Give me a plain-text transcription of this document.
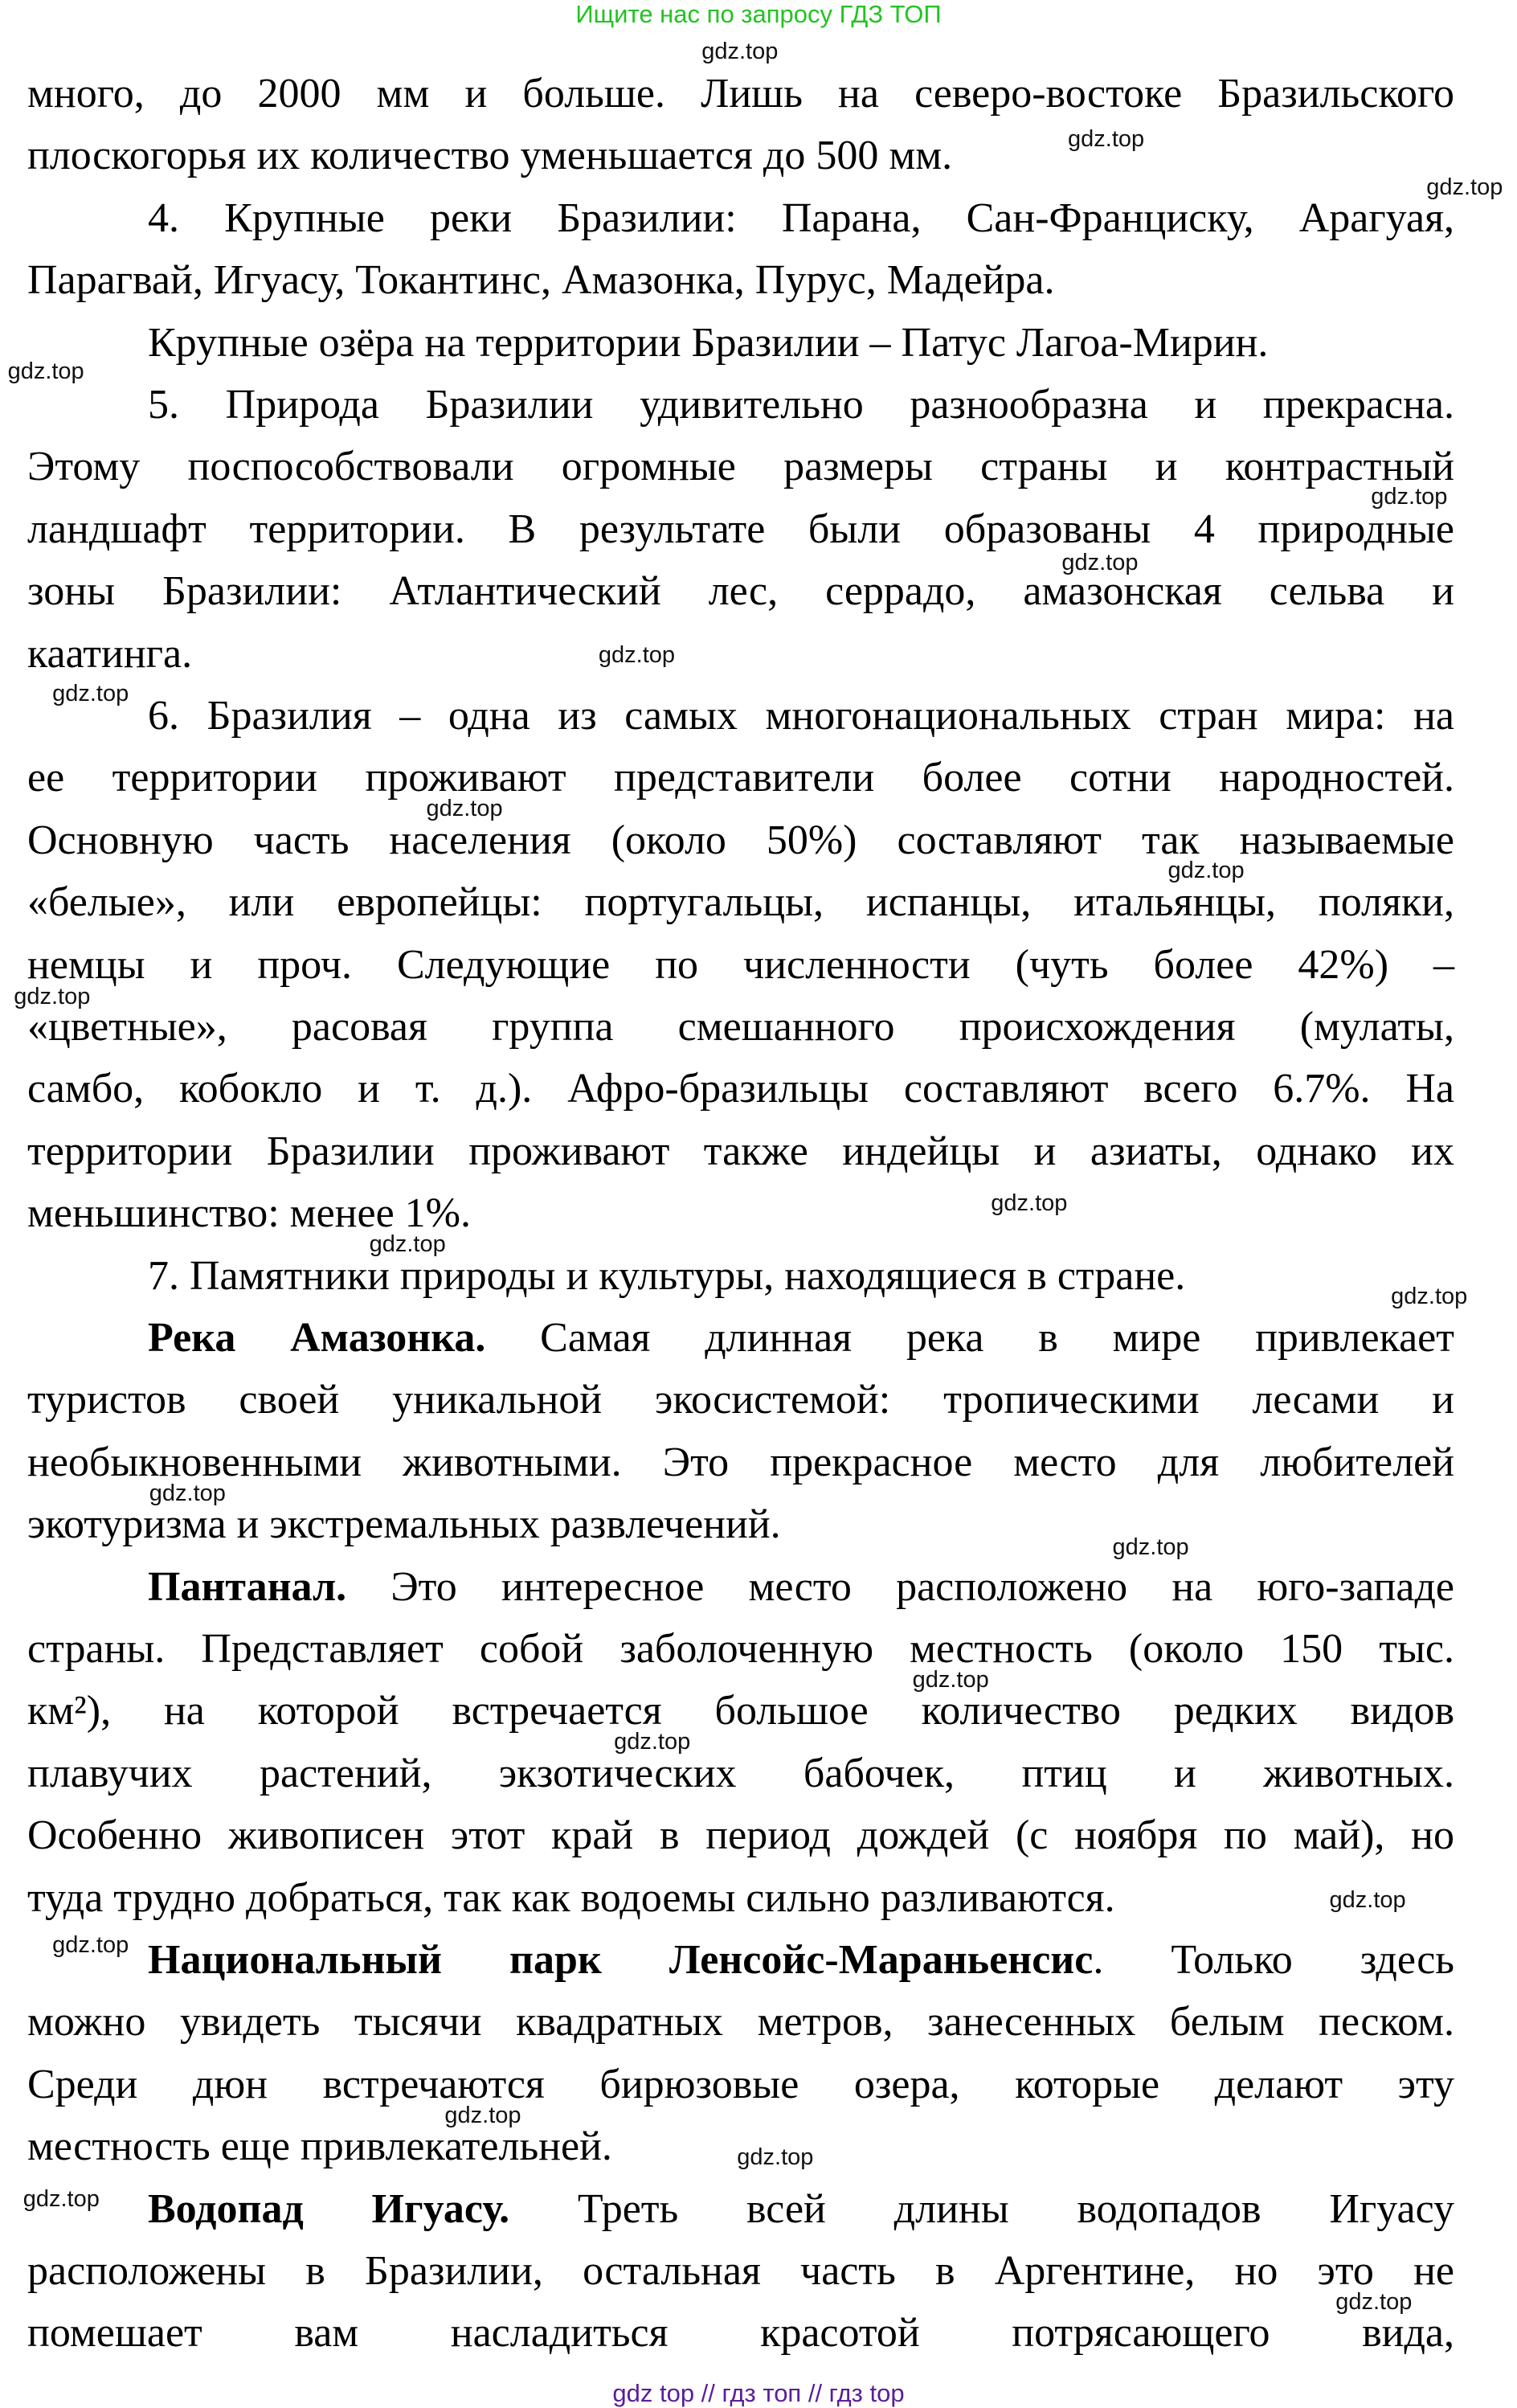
Ищите нас по запросу ГДЗ ТОП
много, до 2000 мм и больше. Лишь на северо-востоке Бразильского
плоскогорья их количество уменьшается до 500 мм.
4. Крупные реки Бразилии: Парана, Сан-Франциску, Арагуая,
Парагвай, Игуасу, Токантинс, Амазонка, Пурус, Мадейра.
Крупные озёра на территории Бразилии – Патус Лагоа-Мирин.
5. Природа Бразилии удивительно разнообразна и прекрасна.
Этому поспособствовали огромные размеры страны и контрастный
ландшафт территории. В результате были образованы 4 природные
зоны Бразилии: Атлантический лес, серрадо, амазонская сельва и
каатинга.
6. Бразилия – одна из самых многонациональных стран мира: на
ее территории проживают представители более сотни народностей.
Основную часть населения (около 50%) составляют так называемые
«белые», или европейцы: португальцы, испанцы, итальянцы, поляки,
немцы и проч. Следующие по численности (чуть более 42%) –
«цветные», расовая группа смешанного происхождения (мулаты,
самбо, кобокло и т. д.). Афро-бразильцы составляют всего 6.7%. На
территории Бразилии проживают также индейцы и азиаты, однако их
меньшинство: менее 1%.
7. Памятники природы и культуры, находящиеся в стране.
Река Амазонка. Самая длинная река в мире привлекает
туристов своей уникальной экосистемой: тропическими лесами и
необыкновенными животными. Это прекрасное место для любителей
экотуризма и экстремальных развлечений.
Пантанал. Это интересное место расположено на юго-западе
страны. Представляет собой заболоченную местность (около 150 тыс.
км²), на которой встречается большое количество редких видов
плавучих растений, экзотических бабочек, птиц и животных.
Особенно живописен этот край в период дождей (с ноября по май), но
туда трудно добраться, так как водоемы сильно разливаются.
Национальный парк Ленсойс-Мараньенсис. Только здесь
можно увидеть тысячи квадратных метров, занесенных белым песком.
Среди дюн встречаются бирюзовые озера, которые делают эту
местность еще привлекательней.
Водопад Игуасу. Треть всей длины водопадов Игуасу
расположены в Бразилии, остальная часть в Аргентине, но это не
помешает вам насладиться красотой потрясающего вида,
gdz.top
gdz.top
gdz.top
gdz.top
gdz.top
gdz.top
gdz.top
gdz.top
gdz.top
gdz.top
gdz.top
gdz.top
gdz.top
gdz.top
gdz.top
gdz.top
gdz.top
gdz.top
gdz.top
gdz.top
gdz.top
gdz.top
gdz.top
gdz.top
gdz top // гдз топ // гдз top
